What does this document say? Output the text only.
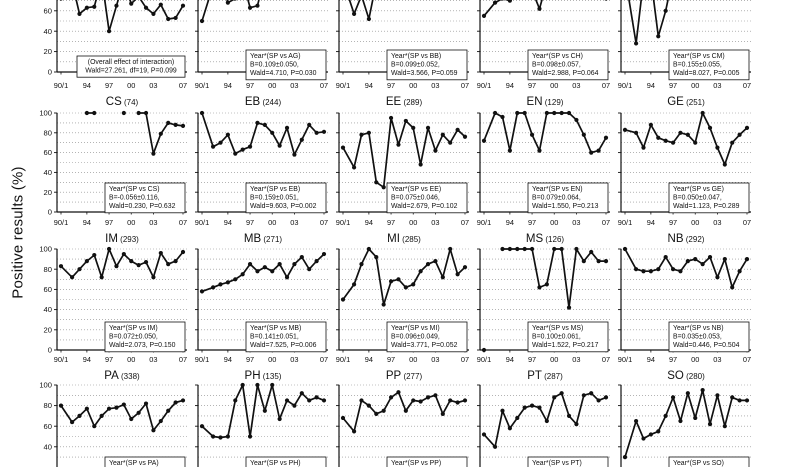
Positive results (%)
0
20
40
60
90/1 94 97 00 03	07
(Overall effect of interaction)
Wald=27.261, df=19, P=0.099
90/1 94 97 00 03	07
Year*(SP vs AG)
B=0.109±0.050,
Wald=4.710, P=0.030
90/1 94 97 00 03	07
Year*(SP vs BB)
B=0.099±0.052,
Wald=3.566, P=0.059
90/1 94 97 00 03	07
Year*(SP vs CH)
B=0.098±0.057,
Wald=2.988, P=0.064
90/1 94 97 00 03	07
Year*(SP vs CM)
B=0.155±0.055,
Wald=8.027, P=0.005
0
20
40
60
80
100
90/1 94 97 00 03	07
Year*(SP vs CS)
B=-0.056±0.116,
Wald=0.230, P=0.632
CS (74)
90/1 94 97 00 03	07
Year*(SP vs EB)
B=0.159±0.051,
Wald=9.603, P=0.002
EB (244)
90/1 94 97 00 03	07
Year*(SP vs EE)
B=0.075±0.046,
Wald=2.679, P=0.102
EE (289)
90/1 94 97 00 03	07
Year*(SP vs EN)
B=0.079±0.064,
Wald=1.550, P=0.213
EN (129)
90/1 94 97 00 03	07
Year*(SP vs GE)
B=0.050±0.047,
Wald=1.123, P=0.289
GE (251)
0
20
40
60
80
100
90/1 94 97 00 03	07
Year*(SP vs IM)
B=0.072±0.050,
Wald=2.073, P=0.150
IM (293)
90/1 94 97 00 03	07
Year*(SP vs MB)
B=0.141±0.051,
Wald=7.525, P=0.006
MB (271)
90/1 94 97 00 03	07
Year*(SP vs MI)
B=0.096±0.049,
Wald=3.771, P=0.052
MI (285)
90/1 94 97 00 03	07
Year*(SP vs MS)
B=0.100±0.061,
Wald=1.522, P=0.217
MS (126)
90/1 94 97 00 03	07
Year*(SP vs NB)
B=0.035±0.053,
Wald=0.446, P=0.504
NB (292)
40
60
80
100
Year*(SP vs PA)
PA (338)
Year*(SP vs PH)
PH (135)
Year*(SP vs PP)
PP (277)
Year*(SP vs PT)
PT (287)
Year*(SP vs SO)
SO (280)
